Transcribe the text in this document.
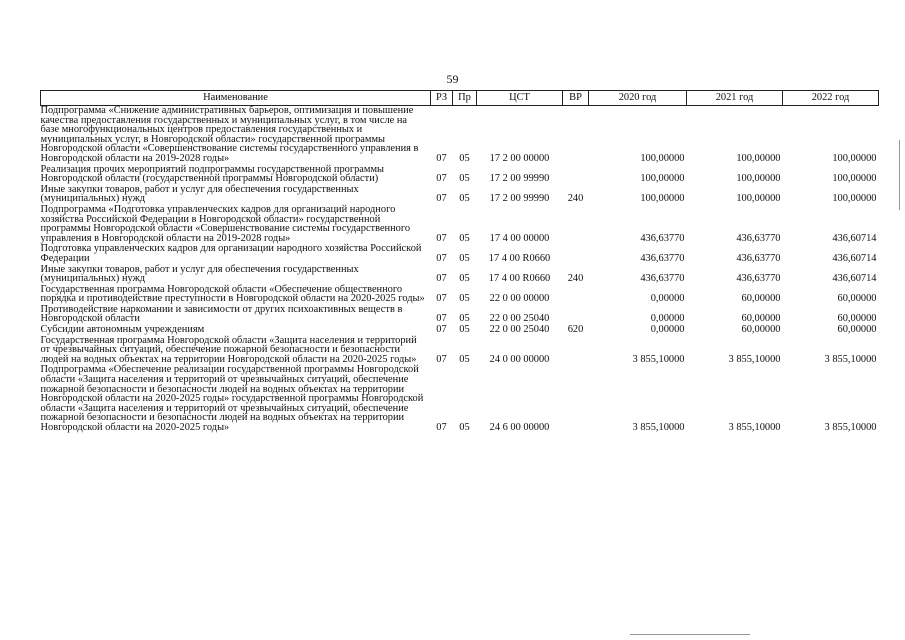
59
Наименование	РЗ	Пр	ЦСТ	ВР	2020 год	2021 год	2022 год
Подпрограмма «Снижение административных барьеров, оптимизация и повышение качества предоставления государственных и муниципальных услуг, в том числе на базе многофункциональных центров предоставления государственных и муниципальных услуг, в Новгородской области» государственной программы Новгородской области «Совершенствование системы государственного управления в Новгородской области на 2019-2028 годы»	07	05	17 2 00 00000		100,00000	100,00000	100,00000
Реализация прочих мероприятий подпрограммы государственной программы Новгородской области (государственной программы Новгородской области)	07	05	17 2 00 99990		100,00000	100,00000	100,00000
Иные закупки товаров, работ и услуг для обеспечения государственных (муниципальных) нужд	07	05	17 2 00 99990	240	100,00000	100,00000	100,00000
Подпрограмма «Подготовка управленческих кадров для организаций народного хозяйства Российской Федерации в Новгородской области» государственной программы Новгородской области «Совершенствование системы государственного управления в Новгородской области на 2019-2028 годы»	07	05	17 4 00 00000		436,63770	436,63770	436,60714
Подготовка управленческих кадров для организации народного хозяйства Российской Федерации	07	05	17 4 00 R0660		436,63770	436,63770	436,60714
Иные закупки товаров, работ и услуг для обеспечения государственных (муниципальных) нужд	07	05	17 4 00 R0660	240	436,63770	436,63770	436,60714
Государственная программа Новгородской области «Обеспечение общественного порядка и противодействие преступности в Новгородской области на 2020-2025 годы»	07	05	22 0 00 00000		0,00000	60,00000	60,00000
Противодействие наркомании и зависимости от других психоактивных веществ в Новгородской области	07	05	22 0 00 25040		0,00000	60,00000	60,00000
Субсидии автономным учреждениям	07	05	22 0 00 25040	620	0,00000	60,00000	60,00000
Государственная программа Новгородской области «Защита населения и территорий от чрезвычайных ситуаций, обеспечение пожарной безопасности и безопасности людей на водных объектах на территории Новгородской области на 2020-2025 годы»	07	05	24 0 00 00000		3 855,10000	3 855,10000	3 855,10000
Подпрограмма «Обеспечение реализации государственной программы Новгородской области «Защита населения и территорий от чрезвычайных ситуаций, обеспечение пожарной безопасности и безопасности людей на водных объектах на территории Новгородской области на 2020-2025 годы» государственной программы Новгородской области «Защита населения и территорий от чрезвычайных ситуаций, обеспечение пожарной безопасности и безопасности людей на водных объектах на территории Новгородской области на 2020-2025 годы»	07	05	24 6 00 00000		3 855,10000	3 855,10000	3 855,10000
